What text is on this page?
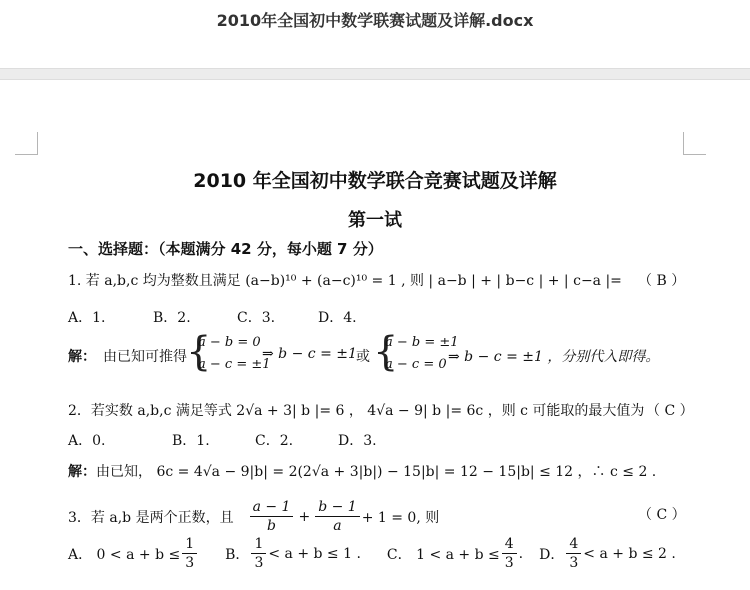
2010年全国初中数学联赛试题及详解.docx
2010 年全国初中数学联合竞赛试题及详解
第一试
一、选择题：（本题满分 42 分，每小题 7 分）
1. 若 a,b,c 均为整数且满足 (a−b)¹⁰ + (a−c)¹⁰ = 1 , 则 | a−b | + | b−c | + | c−a |= （ B ）
A．1.	B．2.	C．3.	D．4.
解： 由已知可推得 {
a − b = 0
a − c = ±1
⇒ b − c = ±1 或 {
a − b = ±1
a − c = 0 ⇒ b − c = ±1 ，分别代入即得。
2．若实数 a,b,c 满足等式 2√a + 3| b |= 6 ， 4√a − 9| b |= 6c ，则 c 可能取的最大值为 （ C ）
A．0.	B．1.	C．2.	D．3.
解： 由已知， 6c = 4√a − 9|b| = 2(2√a + 3|b|) − 15|b| = 12 − 15|b| ≤ 12 ，∴ c ≤ 2 .
3．若 a,b 是两个正数，且 $\frac{a - 1}{b} + \frac{b - 1}{a} + 1 = 0$, 则	（ C ）
A． $0 < a + b \le \frac{1}{3}$ B． $\frac{1}{3} < a + b \le 1$ . C． $1 < a + b \le \frac{4}{3}$ . D． $\frac{4}{3} < a + b \le 2$ .
